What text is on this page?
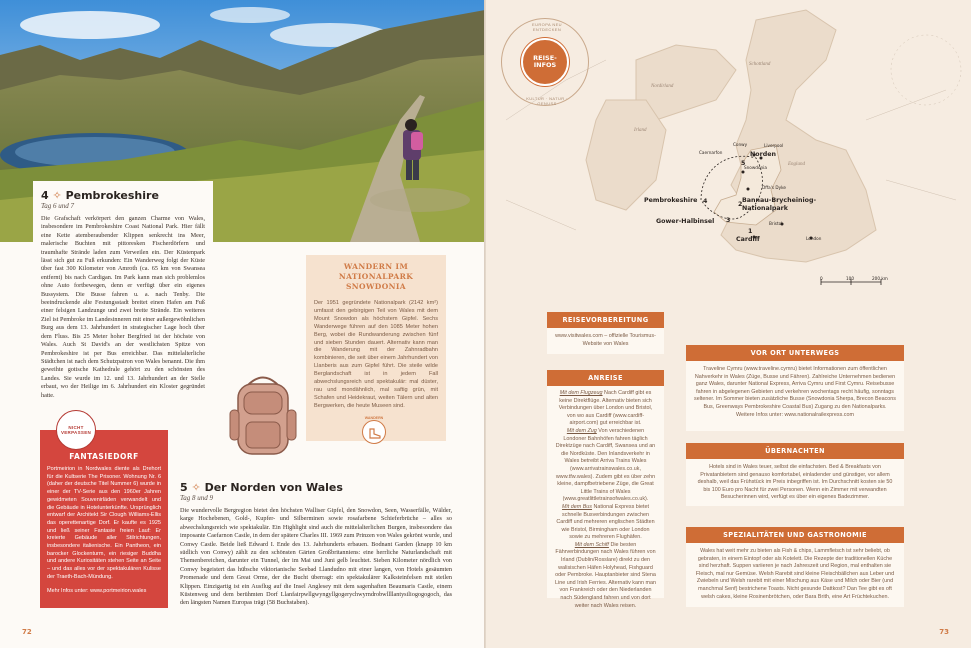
4 ✧ Pembrokeshire
Tag 6 und 7

Die Grafschaft verkörpert den ganzen Charme von Wales, insbesondere im Pembrokeshire Coast National Park. Hier fällt eine Kette atemberaubender Klippen senkrecht ins Meer, malerische Buchten mit pittoresken Fischerdörfern und traumhafte Strände laden zum Verweilen ein. Der Küstenpark lässt sich gut zu Fuß erkunden: Ein Wanderweg folgt der Küste über fast 300 Kilometer von Amroth (ca. 65 km von Swansea entfernt) bis nach Cardigan. Im Park kann man sich problemlos ohne Auto fortbewegen, denn er verfügt über ein eigenes Bussystem. Die Busse fahren u. a. nach Tenby. Die beeindruckende alte Festungsstadt breitet einen Hafen am Fuß einer felsigen Landzunge und zwei breite Strände. Ein weiteres Ziel ist Pembroke im Landesinneren mit einer außergewöhnlichen Burg aus dem 13. Jahrhundert in strategischer Lage hoch über dem Fluss. Bis 25 Meter hoher Bergfried ist der höchste von Wales. Auch St David's an der westlichsten Spitze von Pembrokeshire ist per Bus erreichbar. Das mittelalterliche Städtchen ist nach dem Schutzpatron von Wales benannt. Die ihm geweihte gotische Kathedrale gehört zu den schönsten des Landes. Sie wurde im 12. und 13. Jahrhundert an der Stelle erbaut, wo der Heilige im 6. Jahrhundert ein Kloster gegründet hatte.

WANDERN IM NATIONALPARK SNOWDONIA
Der 1951 gegründete Nationalpark (2142 km²) umfasst den gebirgigen Teil von Wales mit dem Mount Snowdon als höchstem Gipfel. Sechs Wanderwege führen auf den 1085 Meter hohen Berg, wobei die Rundwanderung zwischen fünf und sieben Stunden dauert. Alternativ kann man die Wanderung mit der Zahnradbahn kombinieren, die seit über einem Jahrhundert von Llanberis aus zum Gipfel führt. Die steile wilde Berglandschaft ist in jedem Fall abwechslungsreich und spektakulär: mal düster, rau und mondähnlich, mal saftig grün, mit Schafen und Heidekraut, weiten Tälern und alten Bergwerken, die heute Museen sind.
WANDERN
FANTASIEDORF
Portmeirion in Nordwales diente als Drehort für die Kultserie The Prisoner. Wohnung Nr. 6 (daher der deutsche Titel Nummer 6) wurde in einer der TV-Serie aus den 1960er Jahren gewidmeten Souvenirläden verwandelt und die Gebäude in Hotelunterkünfte. Ursprünglich entwarf der Architekt Sir Clough Williams-Ellis das operettenartige Dorf. Er kaufte es 1925 und ließ seiner Fantasie freien Lauf: Er kreierte Gebäude aller Stilrichtungen, insbesondere italienische. Ein Pantheon, ein barocker Glockenturm, ein riesiger Buddha und andere Kuriositäten stehen Seite an Seite – und das alles vor der spektakulären Kulisse der Traeth-Bach-Mündung.
Mehr Infos unter: www.portmeirion.wales
NICHT VERPASSEN
5 ✧ Der Norden von Wales
Tag 8 und 9

Die wundervolle Bergregion bietet den höchsten Walliser Gipfel, den Snowdon, Seen, Wasserfälle, Wälder, karge Hochebenen, Gold-, Kupfer- und Silberminen sowie rosafarbene Schieferbrüche – alles so abwechslungsreich wie spektakulär. Ein Highlight sind auch die mittelalterlichen Burgen, insbesondere das imposante Caefarnon Castle, in dem der spätere Charles III. 1969 zum Prinzen von Wales gekrönt wurde, und Conwy Castle. Beide ließ Edward I. Ende des 13. Jahrhunderts erbauen. Bodnant Garden (knapp 10 km südlich von Conwy) zählt zu den schönsten Gärten Großbritanniens: eine herrliche Naturlandschaft mit Themenbereichen, darunter ein Tunnel, der im Mai und Juni gelb leuchtet. Sieben Kilometer nördlich von Conwy begeistert das hübsche viktorianische Seebad Llandudno mit einer langen, von Hotels gesäumten Promenade und dem Great Orme, der die Bucht überragt: ein spektakulärer Kalksteinfelsen mit steilen Klippen. Einzigartig ist ein Ausflug auf die Insel Anglesey mit dem sagenhaften Beaumaris Castle, einem Küstenweg und dem berühmten Dorf Llanfairpwllgwyngyllgogerychwyrndrobwllllantysiliogogogoch, das den längsten Namen Europas trägt (58 Buchstaben).

72
Schottland
Nordirland
Irland
England
Conwy	Liverpool
Caernarfon	Norden
Snowdonia
Offa's Dyke
Pembrokeshire	Bannau-Brycheiniog-Nationalpark
Gower-Halbinsel	Bristol
Cardiff	London
5
4
3
2
1
0	100	200 km
REISE-INFOS
EUROPA NEU ENTDECKEN
KULTUR · NATUR · GENUSS
REISEVORBEREITUNG
www.visitwales.com – offizielle Tourismus-Website von Wales
ANREISE
Mit dem Flugzeug Nach Cardiff gibt es keine Direktflüge. Alternativ bieten sich Verbindungen über London und Bristol, von wo aus Cardiff (www.cardiff-airport.com) gut erreichbar ist.
Mit dem Zug Von verschiedenen Londoner Bahnhöfen fahren täglich Direktzüge nach Cardiff, Swansea und an die Nordküste. Den Inlandsverkehr in Wales betreibt Arriva Trains Wales (www.arrivatrainswales.co.uk, www.tfw.wales). Zudem gibt es über zehn kleine, dampfbetriebene Züge, die Great Little Trains of Wales (www.greatlittletrainsofwales.co.uk).
Mit dem Bus National Express bietet schnelle Busverbindungen zwischen Cardiff und mehreren englischen Städten wie Bristol, Birmingham oder London sowie zu mehreren Flughäfen.
Mit dem Schiff Die besten Fährverbindungen nach Wales führen von Irland (Dublin/Rosslare) direkt zu den walisischen Häfen Holyhead, Fishguard oder Pembroke. Hauptanbieter sind Stena Line und Irish Ferries. Alternativ kann man von Frankreich oder den Niederlanden nach Südengland fahren und von dort weiter nach Wales reisen.
VOR ORT UNTERWEGS
Traveline Cymru (www.traveline.cymru) bietet Informationen zum öffentlichen Nahverkehr in Wales (Züge, Busse und Fähren). Zahlreiche Unternehmen bedienen ganz Wales, darunter National Express, Arriva Cymru und First Cymru. Reisebusse fahren in abgelegenen Gebieten und verkehren wochentags recht häufig, sonntags seltener. Im Sommer bieten zusätzliche Busse (Snowdonia Sherpa, Brecon Beacons Bus, Greenways Pembrokeshire Coastal Bus) Zugang zu den Nationalparks. Weitere Infos unter: www.nationalrailexpress.com
ÜBERNACHTEN
Hotels sind in Wales teuer, selbst die einfachsten. Bed & Breakfasts von Privatanbietern sind genauso komfortabel, einladender und günstiger, vor allem deshalb, weil das Frühstück im Preis inbegriffen ist. Im Durchschnitt kosten sie 50 bis 100 Euro pro Nacht für zwei Personen. Wenn ein Zimmer mit verwandten Besucherinnen wird, verfügt es über ein eigenes Badezimmer.
SPEZIALITÄTEN UND GASTRONOMIE
Wales hat weit mehr zu bieten als Fish & chips, Lammfleisch ist sehr beliebt, ob gebraten, in einem Eintopf oder als Kotelett. Die Rezepte der traditionellen Küche sind herzhaft. Suppen variieren je nach Jahreszeit und Region, mal enthalten sie Fleisch, mal nur Gemüse. Welsh Rarebit sind kleine Fleischbällchen aus Leber und Zwiebeln und Welsh rarebit mit einer Mischung aus Käse und Milch oder Bier (und manchmal Senf) bestrichene Toasts. Nicht gesunde Dattkost? Dan Tee gibt es oft welsh cakes, kleine Rosinenbrötchen, oder Bara Brith, eine Art Früchtekuchen.
73
